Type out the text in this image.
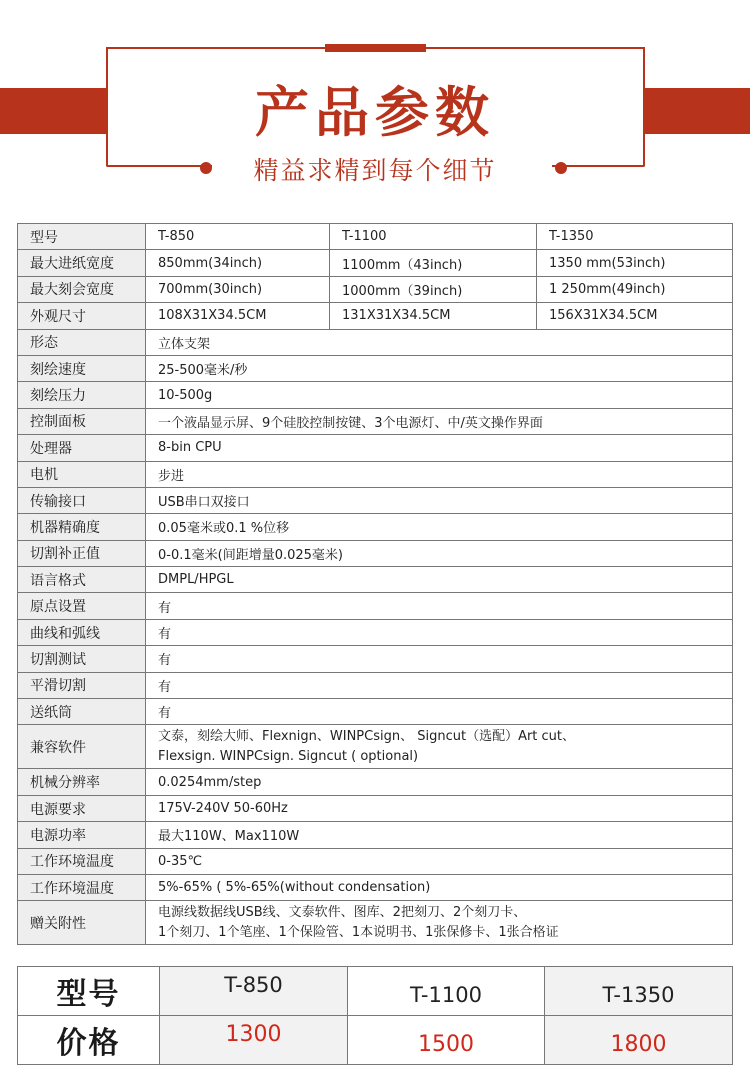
产品参数
精益求精到每个细节
型号	T-850	T-1100	T-1350
最大进纸宽度	850mm(34inch)	1100mm（43inch)	1350 mm(53inch)
最大刻会宽度	700mm(30inch)	1000mm（39inch)	1 250mm(49inch)
外观尺寸	108X31X34.5CM	131X31X34.5CM	156X31X34.5CM
形态	立体支架		
刻绘速度	25-500毫米/秒		
刻绘压力	10-500g		
控制面板	一个液晶显示屏、9个硅胶控制按键、3个电源灯、中/英文操作界面		
处理器	8-bin CPU		
电机	步进		
传输接口	USB串口双接口		
机器精确度	0.05毫米或0.1 %位移		
切割补正值	0-0.1毫米(间距增量0.025毫米)		
语言格式	DMPL/HPGL		
原点设置	有		
曲线和弧线	有		
切割测试	有		
平滑切割	有		
送纸筒	有		
兼容软件	文泰，刻绘大师、Flexnign、WINPCsign、 Signcut（选配）Art cut、
Flexsign. WINPCsign. Signcut ( optional)		

机械分辨率	0.0254mm/step		
电源要求	175V-240V 50-60Hz		
电源功率	最大110W、Max110W		
工作环境温度	0-35℃		
工作环境温度	5%-65% ( 5%-65%(without condensation)		
赠关附性	电源线数据线USB线、文泰软件、图库、2把刻刀、2个刻刀卡、
1个刻刀、1个笔座、1个保险管、1本说明书、1张保修卡、1张合格证		
型号	T-850	T-1100	T-1350
价格	1300	1500	1800
